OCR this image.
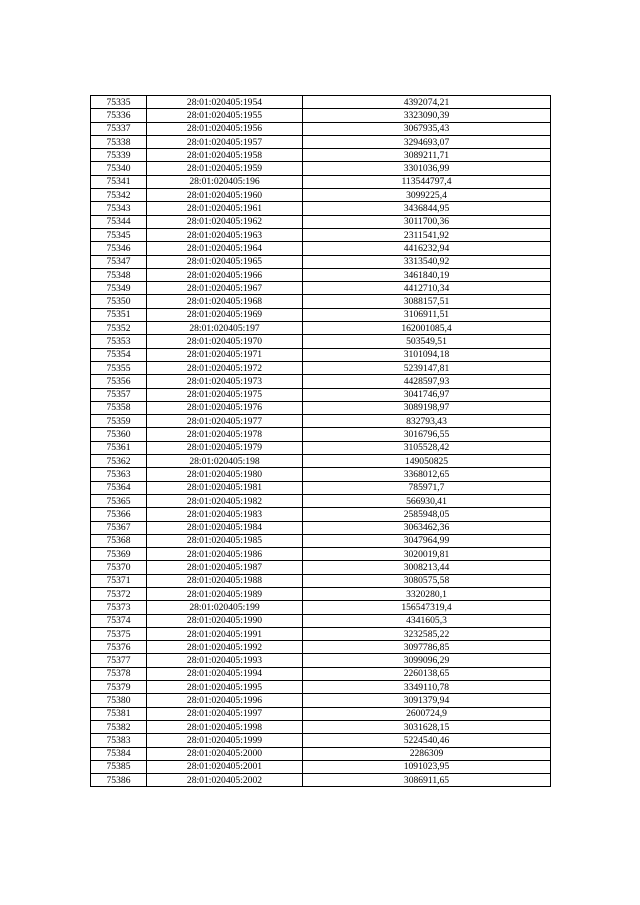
75335	28:01:020405:1954	4392074,21
75336	28:01:020405:1955	3323090,39
75337	28:01:020405:1956	3067935,43
75338	28:01:020405:1957	3294693,07
75339	28:01:020405:1958	3089211,71
75340	28:01:020405:1959	3301036,99
75341	28:01:020405:196	113544797,4
75342	28:01:020405:1960	3099225,4
75343	28:01:020405:1961	3436844,95
75344	28:01:020405:1962	3011700,36
75345	28:01:020405:1963	2311541,92
75346	28:01:020405:1964	4416232,94
75347	28:01:020405:1965	3313540,92
75348	28:01:020405:1966	3461840,19
75349	28:01:020405:1967	4412710,34
75350	28:01:020405:1968	3088157,51
75351	28:01:020405:1969	3106911,51
75352	28:01:020405:197	162001085,4
75353	28:01:020405:1970	503549,51
75354	28:01:020405:1971	3101094,18
75355	28:01:020405:1972	5239147,81
75356	28:01:020405:1973	4428597,93
75357	28:01:020405:1975	3041746,97
75358	28:01:020405:1976	3089198,97
75359	28:01:020405:1977	832793,43
75360	28:01:020405:1978	3016796,55
75361	28:01:020405:1979	3105528,42
75362	28:01:020405:198	149050825
75363	28:01:020405:1980	3368012,65
75364	28:01:020405:1981	785971,7
75365	28:01:020405:1982	566930,41
75366	28:01:020405:1983	2585948,05
75367	28:01:020405:1984	3063462,36
75368	28:01:020405:1985	3047964,99
75369	28:01:020405:1986	3020019,81
75370	28:01:020405:1987	3008213,44
75371	28:01:020405:1988	3080575,58
75372	28:01:020405:1989	3320280,1
75373	28:01:020405:199	156547319,4
75374	28:01:020405:1990	4341605,3
75375	28:01:020405:1991	3232585,22
75376	28:01:020405:1992	3097786,85
75377	28:01:020405:1993	3099096,29
75378	28:01:020405:1994	2260138,65
75379	28:01:020405:1995	3349110,78
75380	28:01:020405:1996	3091379,94
75381	28:01:020405:1997	2600724,9
75382	28:01:020405:1998	3031628,15
75383	28:01:020405:1999	5224540,46
75384	28:01:020405:2000	2286309
75385	28:01:020405:2001	1091023,95
75386	28:01:020405:2002	3086911,65
